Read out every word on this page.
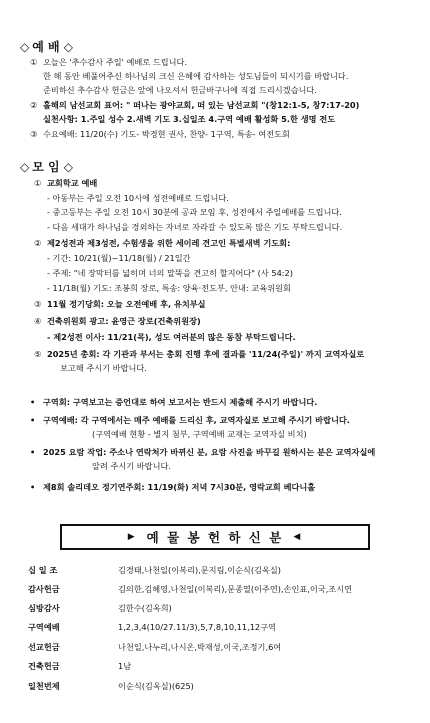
◇ 예 배 ◇
① 오늘은 '추수감사 주일' 예배로 드립니다.
한 해 동안 베풀어주신 하나님의 크신 은혜에 감사하는 성도님들이 되시기를 바랍니다.
준비하신 추수감사 헌금은 앞에 나오셔서 헌금바구니에 직접 드리시겠습니다.
② 홀해의 남선교회 표어: " 떠나는 광야교회, 떠 있는 남선교회 "(창12:1-5, 창7:17-20)
실천사항: 1.주일 성수 2.새벽 기도 3.십일조 4.구역 예배 활성화 5.한 생명 전도
③ 수요예배: 11/20(수) 기도- 박경현 권사, 찬양- 1구역, 특송- 여전도회
◇ 모 임 ◇
① 교회학교 예배
- 아동부는 주일 오전 10시에 성전예배로 드립니다.
- 중고등부는 주일 오전 10시 30분에 공과 모임 후, 성전에서 주일예배를 드립니다.
- 다음 세대가 하나님을 경외하는 자녀로 자라갈 수 있도록 많은 기도 부탁드립니다.
② 제2성전과 제3성전, 수험생을 위한 세이레 견고인 특별새벽 기도회:
- 기간: 10/21(월)~11/18(월) / 21일간
- 주제: "네 장막터를 넓히며 너의 말뚝을 견고히 할지어다" (사 54:2)
- 11/18(월) 기도: 조봉희 장로, 특송: 양육·전도부, 안내: 교육위원회
③ 11월 정기당회: 오늘 오전예배 후, 유치부실
④ 건축위원회 광고: 윤영근 장로(건축위원장)
- 제2성전 이사: 11/21(목), 성도 여러분의 많은 동참 부탁드립니다.
⑤ 2025년 총회: 각 기관과 부서는 총회 진행 후에 결과를 '11/24(주일)' 까지 교역자실로
보고해 주시기 바랍니다.
• 구역회: 구역보고는 증언대로 하여 보고서는 반드시 제출해 주시기 바랍니다.
• 구역예배: 각 구역에서는 매주 예배를 드리신 후, 교역자실로 보고해 주시기 바랍니다.
(구역예배 현황 - 별지 첨부, 구역예배 교재는 교역자실 비치)
• 2025 요람 작업: 주소나 연락처가 바뀌신 분, 요람 사진을 바꾸길 원하시는 분은 교역자실에
알려 주시기 바랍니다.
• 제8회 솔리데오 정기연주회: 11/19(화) 저녁 7시30분, 영락교회 베다니홀
▶ 예 물 봉 헌 하 신 분 ◀
십 일 조	김경태,나천일(이복리),문지림,이순식(김옥실)
감사헌금	김의한,김혜영,나천일(이복리),문종열(이주연),손인표,이국,조시연
심방감사	김한수(김옥희)
구역예배	1,2,3,4(10/27.11/3),5,7,8,10,11,12구역
선교헌금	나천일,나누리,나시온,박재성,이국,조정기,6여
건축헌금	1남
일천번제	이순식(김옥실)(625)
